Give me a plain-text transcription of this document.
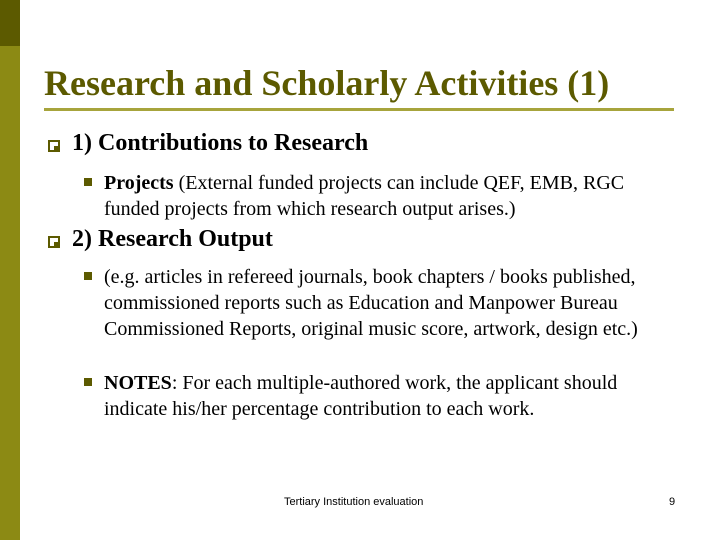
Research and Scholarly Activities (1)
1) Contributions to Research
Projects (External funded projects can include QEF, EMB, RGC funded projects from which research output arises.)
2) Research Output
(e.g. articles in refereed journals, book chapters / books published, commissioned reports such as Education and Manpower Bureau Commissioned Reports, original music score, artwork, design etc.)
NOTES: For each multiple-authored work, the applicant should indicate his/her percentage contribution to each work.
Tertiary Institution evaluation	9
